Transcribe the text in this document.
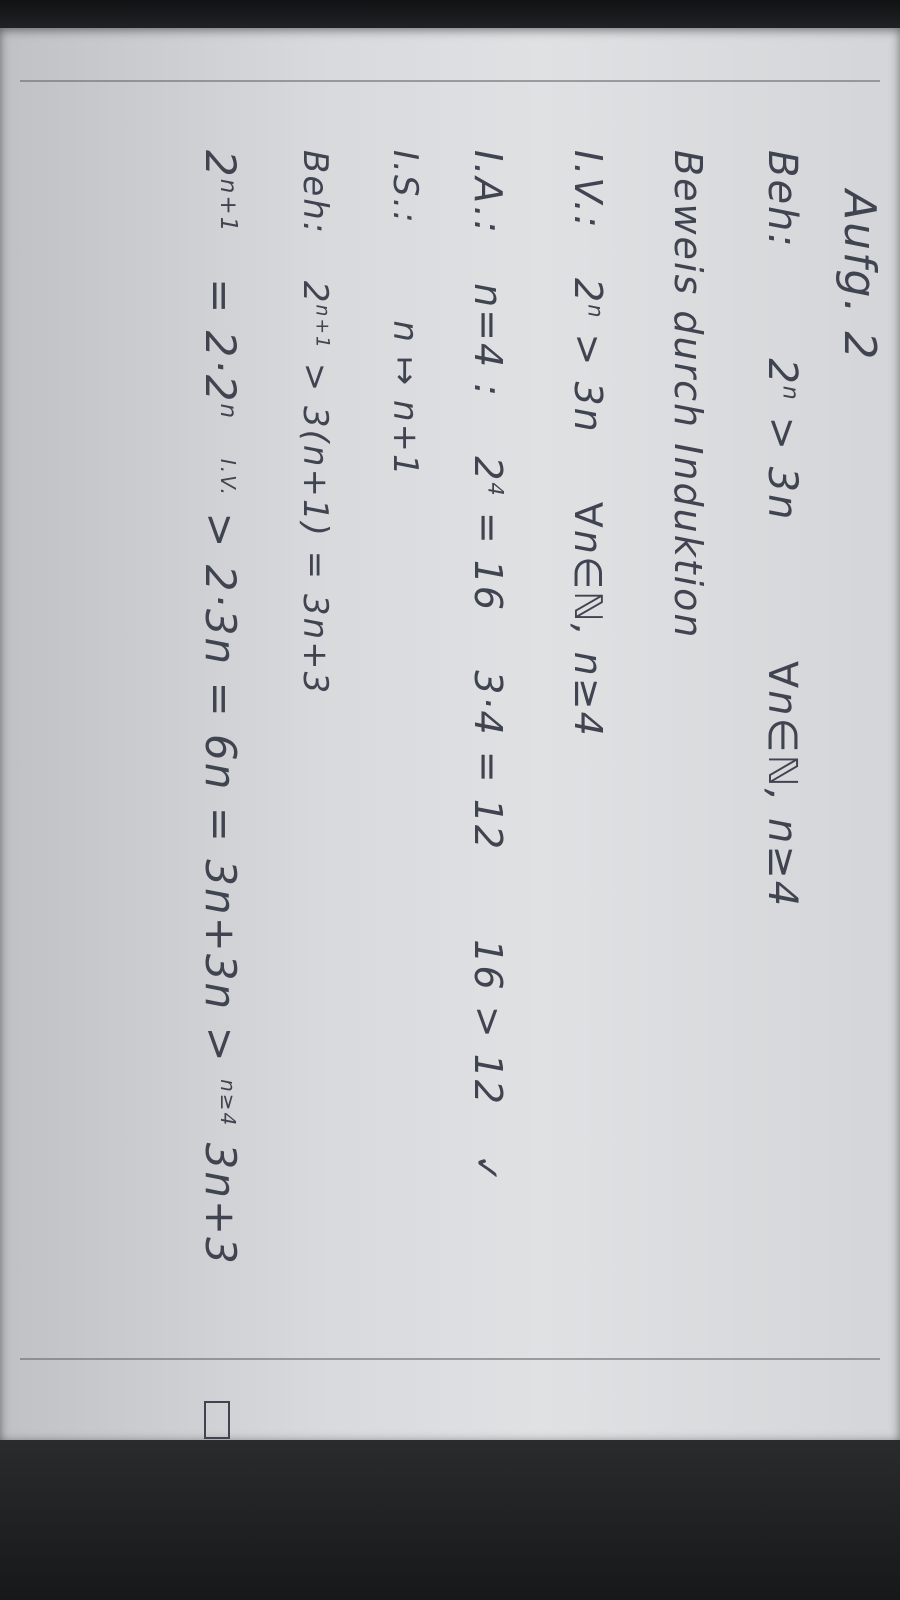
Aufg. 2
Beh:  $2^n > 3n$  ∀n∈ℕ, n≥4
Beweis durch Induktion
I.V.:  $2^n > 3n$  ∀n∈ℕ, n≥4
I.A.:  n=4 :  $2^4 = 16$  3·4 = 12  16 > 12  ✓
I.S.:  n ↦ n+1
Beh:  $2^{n+1} > 3(n+1) = 3n+3$
$2^{n+1} = 2\cdot 2^n$  $^{I.V.}$ > 2·3n = 6n = 3n+3n > $^{n\ge 4}$ 3n+3
